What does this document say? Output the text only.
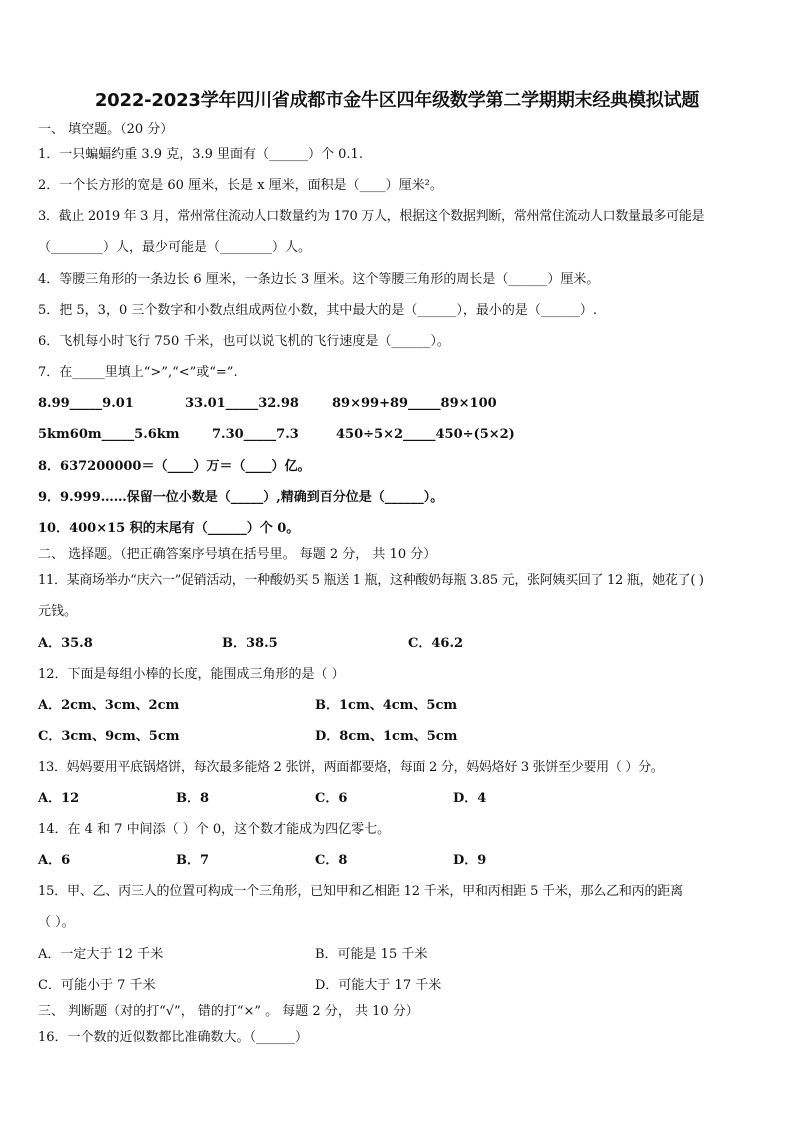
2022-2023学年四川省成都市金牛区四年级数学第二学期期末经典模拟试题
一、 填空题。（20 分）
1．一只蝙蝠约重 3.9 克，3.9 里面有（______）个 0.1.
2．一个长方形的宽是 60 厘米，长是 x 厘米，面积是（____）厘米²。
3．截止 2019 年 3 月，常州常住流动人口数量约为 170 万人，根据这个数据判断，常州常住流动人口数量最多可能是
（________）人，最少可能是（________）人。
4．等腰三角形的一条边长 6 厘米，一条边长 3 厘米。这个等腰三角形的周长是（______）厘米。
5．把 5，3，0 三个数字和小数点组成两位小数，其中最大的是（______），最小的是（______）.
6．飞机每小时飞行 750 千米，也可以说飞机的飞行速度是（______）。
7．在_____里填上“>”,“<”或“=”.
8.99_____9.01	33.01_____32.98	89×99+89_____89×100
5km60m_____5.6km 7.30_____7.3	450÷5×2_____450÷(5×2)
8．637200000＝（____）万＝（____）亿。
9．9.999……保留一位小数是（_____）,精确到百分位是（______）。
10．400×15 积的末尾有（______）个 0。
二、 选择题。（把正确答案序号填在括号里。 每题 2 分， 共 10 分）
11．某商场举办“庆六一”促销活动，一种酸奶买 5 瓶送 1 瓶，这种酸奶每瓶 3.85 元，张阿姨买回了 12 瓶，她花了( )
元钱。
A．35.8	B．38.5	C．46.2
12．下面是每组小棒的长度，能围成三角形的是（ ）
A．2cm、3cm、2cm	B．1cm、4cm、5cm
C．3cm、9cm、5cm	D．8cm、1cm、5cm
13．妈妈要用平底锅烙饼，每次最多能烙 2 张饼，两面都要烙，每面 2 分，妈妈烙好 3 张饼至少要用（ ）分。
A．12	B．8	C．6	D．4
14．在 4 和 7 中间添（ ）个 0，这个数才能成为四亿零七。
A．6	B．7	C．8	D．9
15．甲、乙、丙三人的位置可构成一个三角形，已知甲和乙相距 12 千米，甲和丙相距 5 千米，那么乙和丙的距离
（ ）。
A．一定大于 12 千米	B．可能是 15 千米
C．可能小于 7 千米	D．可能大于 17 千米
三、 判断题（对的打“√”， 错的打“×” 。 每题 2 分， 共 10 分）
16．一个数的近似数都比准确数大。（______）
